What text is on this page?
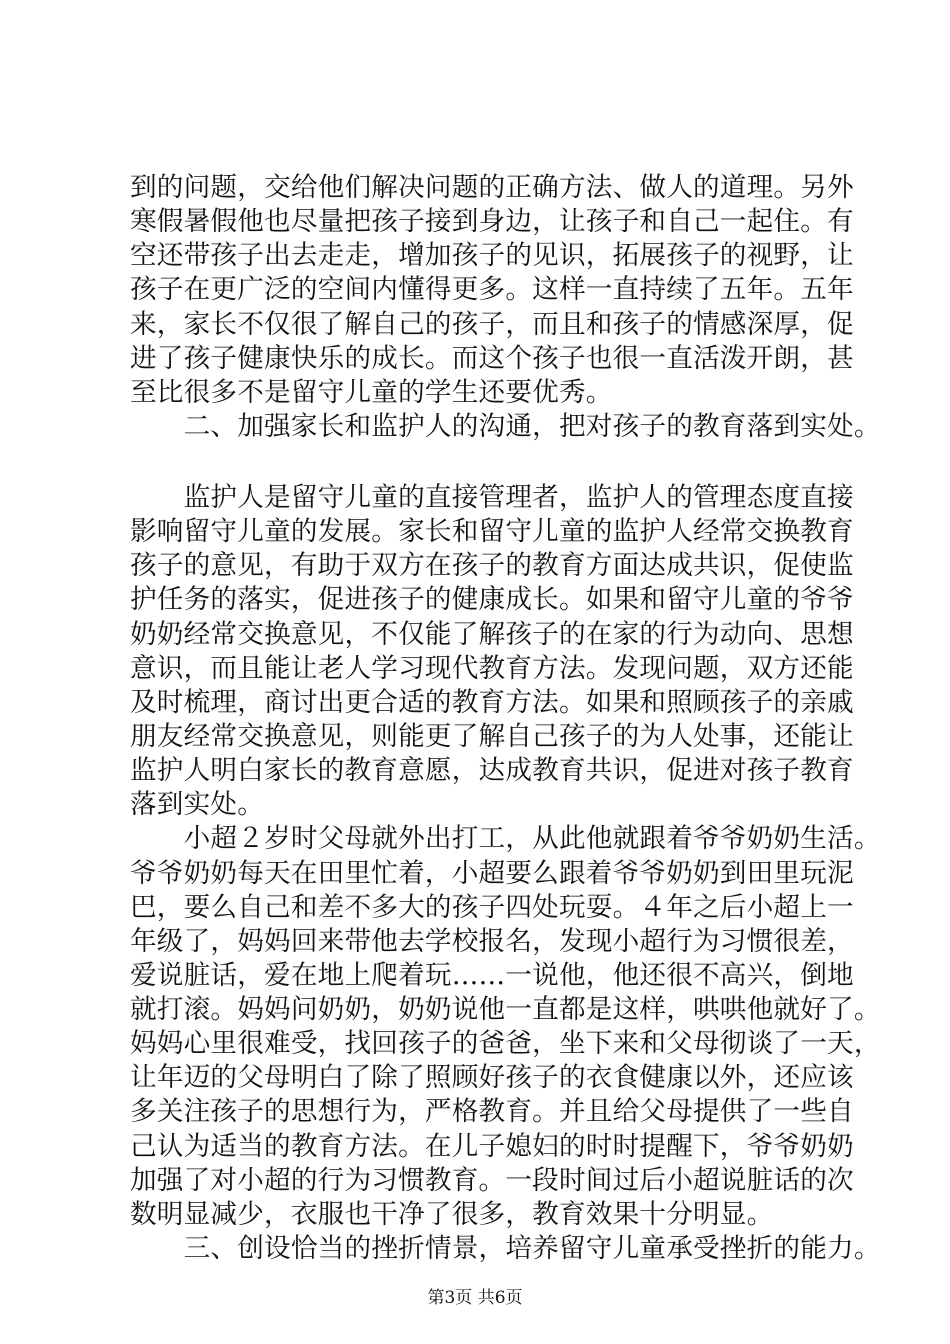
到的问题，交给他们解决问题的正确方法、做人的道理。另外
寒假暑假他也尽量把孩子接到身边，让孩子和自己一起住。有
空还带孩子出去走走，增加孩子的见识，拓展孩子的视野，让
孩子在更广泛的空间内懂得更多。这样一直持续了五年。五年
来，家长不仅很了解自己的孩子，而且和孩子的情感深厚，促
进了孩子健康快乐的成长。而这个孩子也很一直活泼开朗，甚
至比很多不是留守儿童的学生还要优秀。
　　二、加强家长和监护人的沟通，把对孩子的教育落到实处。
　　监护人是留守儿童的直接管理者，监护人的管理态度直接
影响留守儿童的发展。家长和留守儿童的监护人经常交换教育
孩子的意见，有助于双方在孩子的教育方面达成共识，促使监
护任务的落实，促进孩子的健康成长。如果和留守儿童的爷爷
奶奶经常交换意见，不仅能了解孩子的在家的行为动向、思想
意识，而且能让老人学习现代教育方法。发现问题，双方还能
及时梳理，商讨出更合适的教育方法。如果和照顾孩子的亲戚
朋友经常交换意见，则能更了解自己孩子的为人处事，还能让
监护人明白家长的教育意愿，达成教育共识，促进对孩子教育
落到实处。
　　小超２岁时父母就外出打工，从此他就跟着爷爷奶奶生活。
爷爷奶奶每天在田里忙着，小超要么跟着爷爷奶奶到田里玩泥
巴，要么自己和差不多大的孩子四处玩耍。４年之后小超上一
年级了，妈妈回来带他去学校报名，发现小超行为习惯很差，
爱说脏话，爱在地上爬着玩……一说他，他还很不高兴，倒地
就打滚。妈妈问奶奶，奶奶说他一直都是这样，哄哄他就好了。
妈妈心里很难受，找回孩子的爸爸，坐下来和父母彻谈了一天，
让年迈的父母明白了除了照顾好孩子的衣食健康以外，还应该
多关注孩子的思想行为，严格教育。并且给父母提供了一些自
己认为适当的教育方法。在儿子媳妇的时时提醒下，爷爷奶奶
加强了对小超的行为习惯教育。一段时间过后小超说脏话的次
数明显减少，衣服也干净了很多，教育效果十分明显。
　　三、创设恰当的挫折情景，培养留守儿童承受挫折的能力。
第3页 共6页
